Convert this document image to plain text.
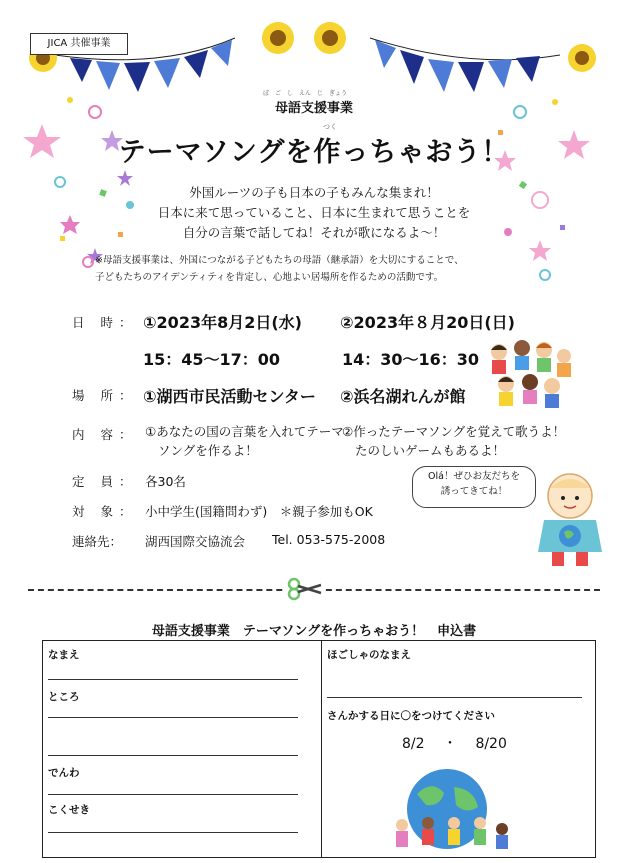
JICA 共催事業
ぼ　ご　し　えん　じ　ぎょう
母語支援事業
つく
テーマソングを作っちゃおう！
外国ルーツの子も日本の子もみんな集まれ！
日本に来て思っていること、日本に生まれて思うことを
自分の言葉で話してね！それが歌になるよ～！
※母語支援事業は、外国につながる子どもたちの母語（継承語）を大切にすることで、
子どもたちのアイデンティティを肯定し、心地よい居場所を作るための活動です。
日 時： ①2023年8月2日(水) ②2023年８月20日(日)
15：45～17：00	14：30～16：30
場 所： ①湖西市民活動センター ②浜名湖れんが館
内 容： ①あなたの国の言葉を入れてテーマ
ソングを作るよ！
②作ったテーマソングを覚えて歌うよ！
たのしいゲームもあるよ！
定 員： 各30名
対 象： 小中学生(国籍問わず)　＊親子参加もOK
連絡先： 湖西国際交協流会 Tel. 053-575-2008
Olá！ぜひお友だちを
誘ってきてね！
母語支援事業　テーマソングを作っちゃおう！　申込書
なまえ
ところ
でんわ
こくせき
ほごしゃのなまえ
さんかする日に〇をつけてください
8/2 ・ 8/20
